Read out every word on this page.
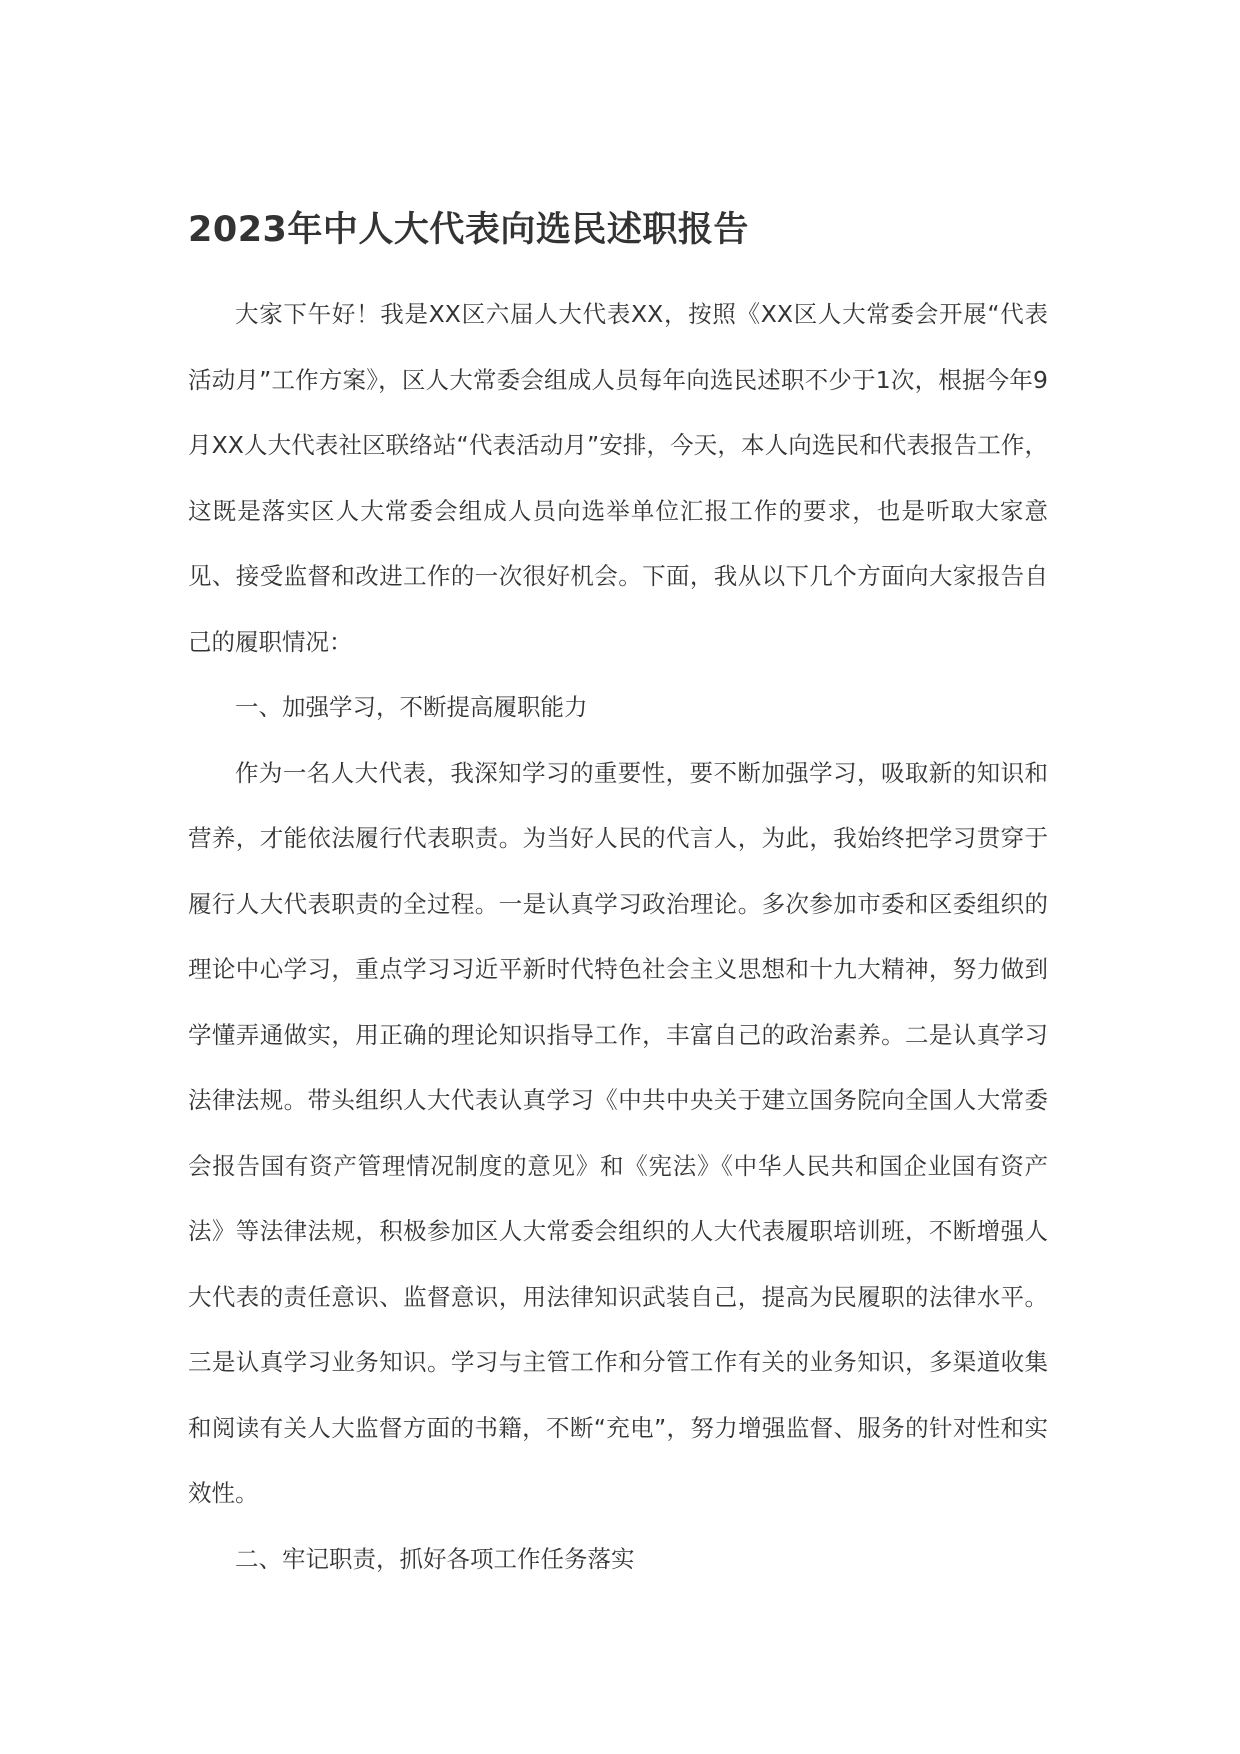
2023年中人大代表向选民述职报告

大家下午好！我是XX区六届人大代表XX，按照《XX区人大常委会开展“代表活动月”工作方案》，区人大常委会组成人员每年向选民述职不少于1次，根据今年9月XX人大代表社区联络站“代表活动月”安排，今天，本人向选民和代表报告工作，这既是落实区人大常委会组成人员向选举单位汇报工作的要求，也是听取大家意见、接受监督和改进工作的一次很好机会。下面，我从以下几个方面向大家报告自己的履职情况：

一、加强学习，不断提高履职能力

作为一名人大代表，我深知学习的重要性，要不断加强学习，吸取新的知识和营养，才能依法履行代表职责。为当好人民的代言人，为此，我始终把学习贯穿于履行人大代表职责的全过程。一是认真学习政治理论。多次参加市委和区委组织的理论中心学习，重点学习习近平新时代特色社会主义思想和十九大精神，努力做到学懂弄通做实，用正确的理论知识指导工作，丰富自己的政治素养。二是认真学习法律法规。带头组织人大代表认真学习《中共中央关于建立国务院向全国人大常委会报告国有资产管理情况制度的意见》和《宪法》《中华人民共和国企业国有资产法》等法律法规，积极参加区人大常委会组织的人大代表履职培训班，不断增强人大代表的责任意识、监督意识，用法律知识武装自己，提高为民履职的法律水平。三是认真学习业务知识。学习与主管工作和分管工作有关的业务知识，多渠道收集和阅读有关人大监督方面的书籍，不断“充电”，努力增强监督、服务的针对性和实效性。

二、牢记职责，抓好各项工作任务落实
